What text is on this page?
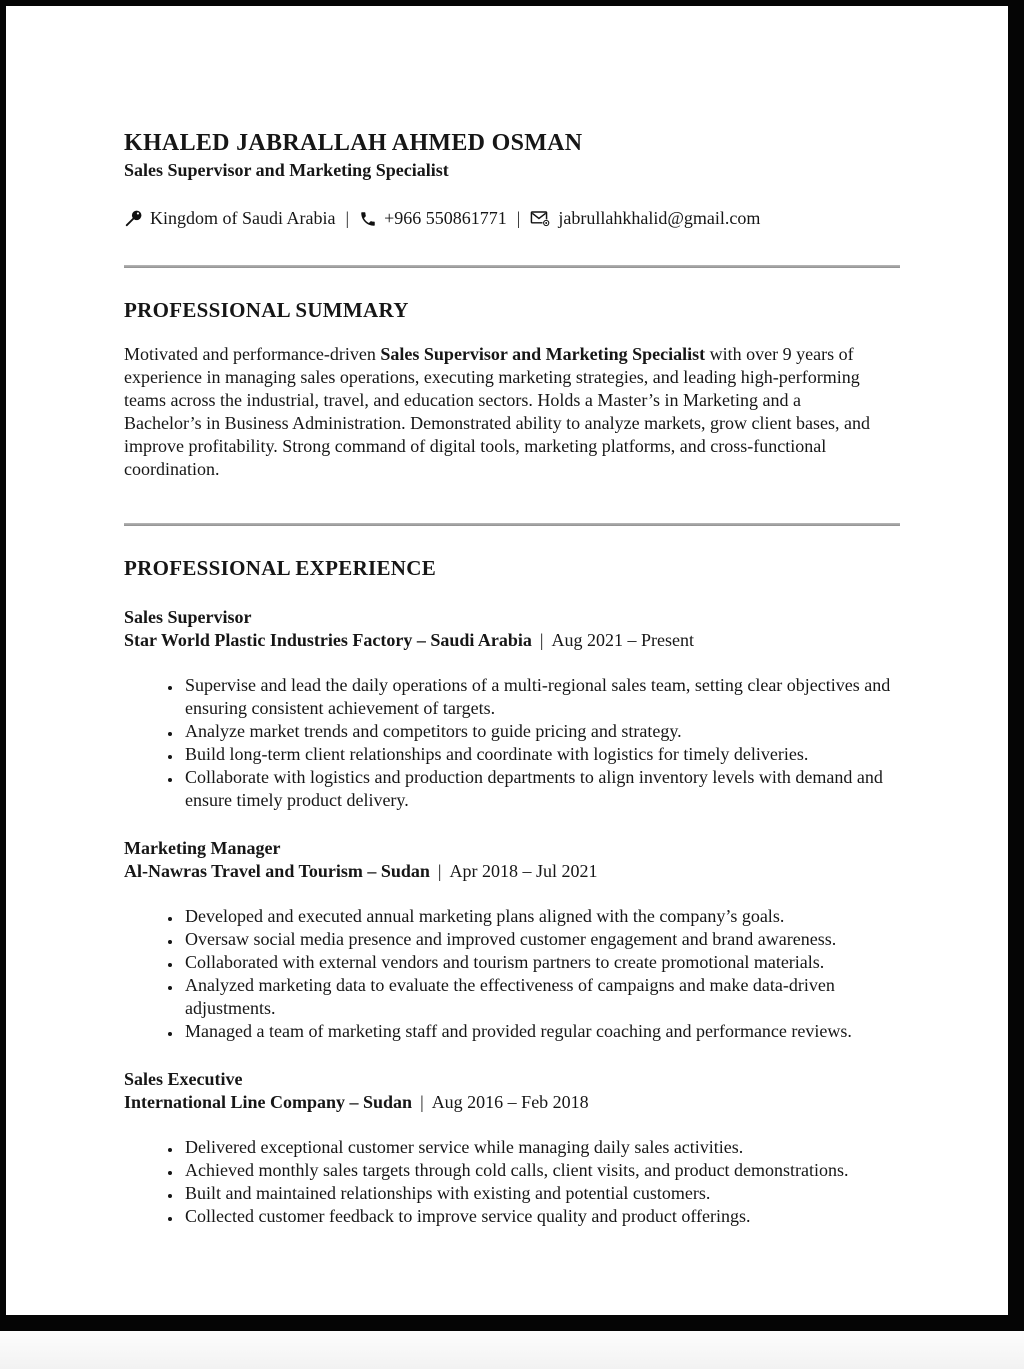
KHALED JABRALLAH AHMED OSMAN
Sales Supervisor and Marketing Specialist
Kingdom of Saudi Arabia | +966 550861771 | jabrullahkhalid@gmail.com
PROFESSIONAL SUMMARY

Motivated and performance-driven Sales Supervisor and Marketing Specialist with over 9 years of experience in managing sales operations, executing marketing strategies, and leading high-performing teams across the industrial, travel, and education sectors. Holds a Master’s in Marketing and a Bachelor’s in Business Administration. Demonstrated ability to analyze markets, grow client bases, and improve profitability. Strong command of digital tools, marketing platforms, and cross-functional coordination.

PROFESSIONAL EXPERIENCE
Sales Supervisor
Star World Plastic Industries Factory – Saudi Arabia | Aug 2021 – Present
• Supervise and lead the daily operations of a multi-regional sales team, setting clear objectives and ensuring consistent achievement of targets.
• Analyze market trends and competitors to guide pricing and strategy.
• Build long-term client relationships and coordinate with logistics for timely deliveries.
• Collaborate with logistics and production departments to align inventory levels with demand and ensure timely product delivery.
Marketing Manager
Al-Nawras Travel and Tourism – Sudan | Apr 2018 – Jul 2021
• Developed and executed annual marketing plans aligned with the company’s goals.
• Oversaw social media presence and improved customer engagement and brand awareness.
• Collaborated with external vendors and tourism partners to create promotional materials.
• Analyzed marketing data to evaluate the effectiveness of campaigns and make data-driven adjustments.
• Managed a team of marketing staff and provided regular coaching and performance reviews.
Sales Executive
International Line Company – Sudan | Aug 2016 – Feb 2018
• Delivered exceptional customer service while managing daily sales activities.
• Achieved monthly sales targets through cold calls, client visits, and product demonstrations.
• Built and maintained relationships with existing and potential customers.
• Collected customer feedback to improve service quality and product offerings.
